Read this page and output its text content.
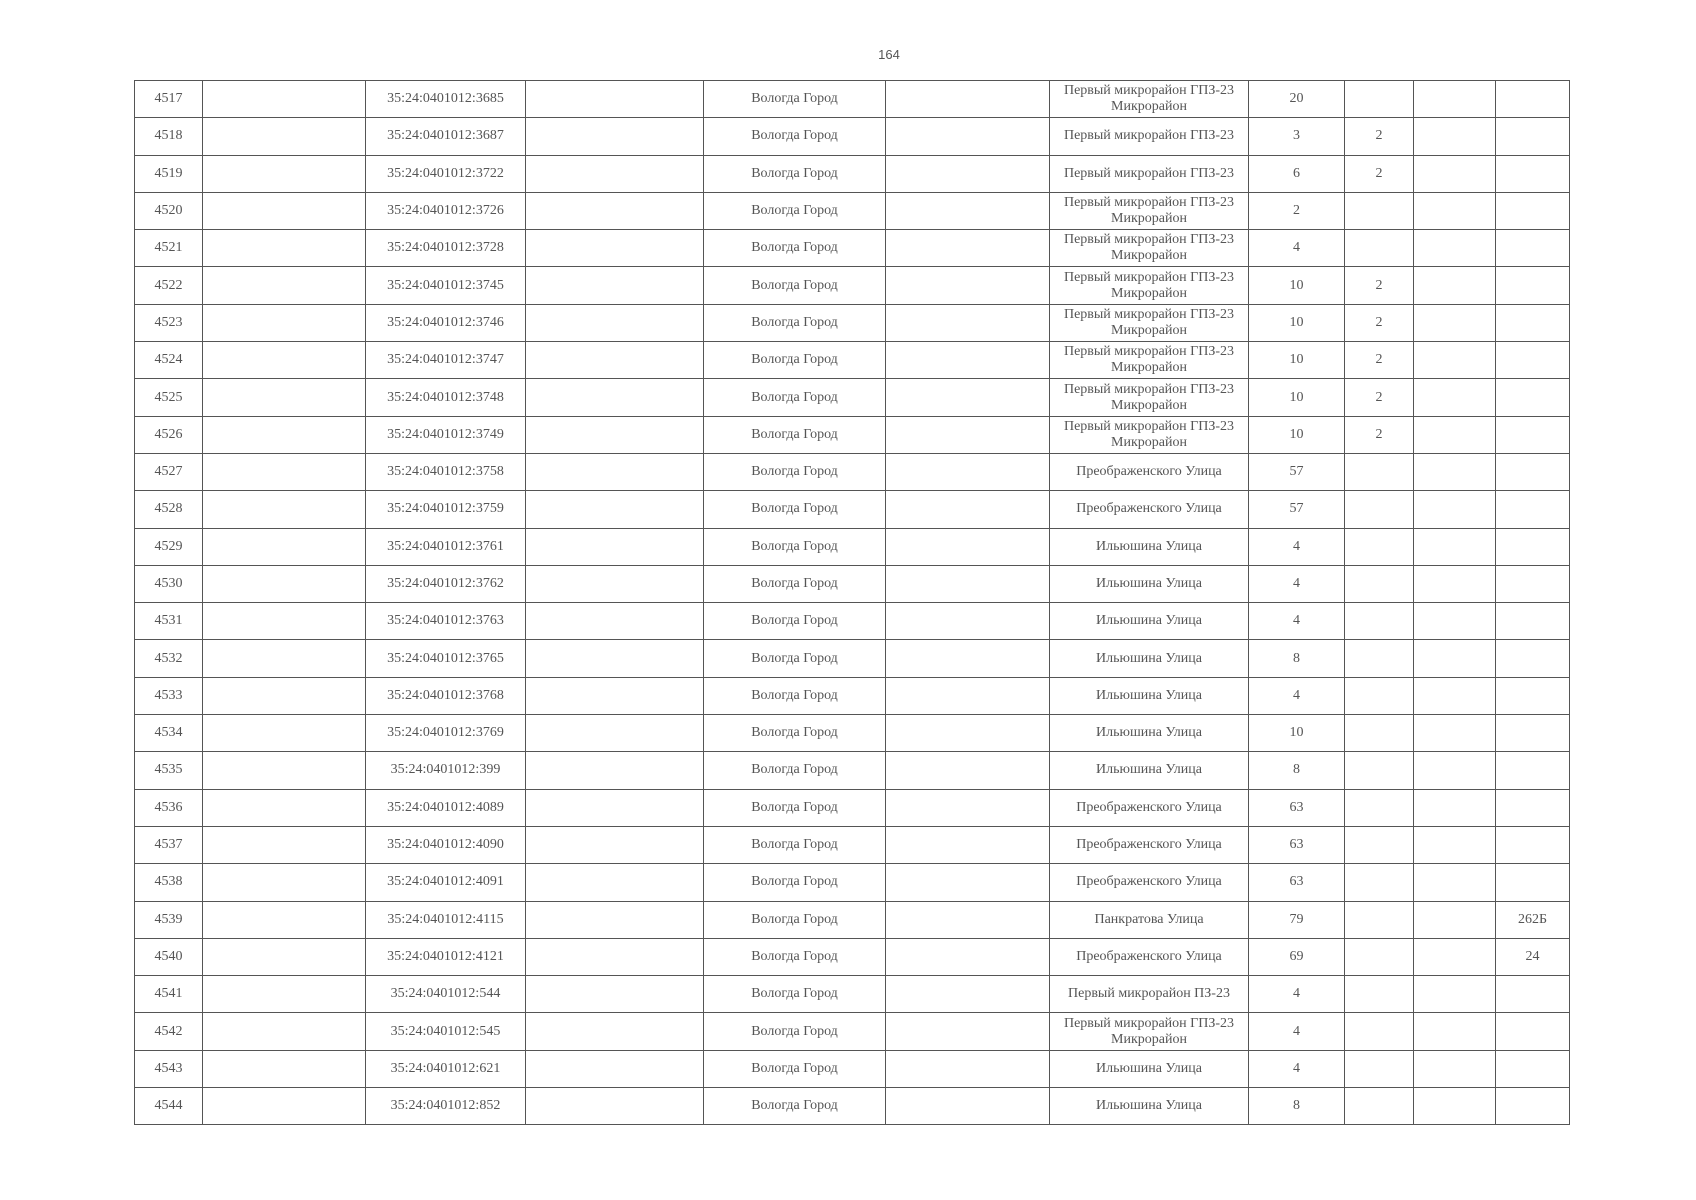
164
4517		35:24:0401012:3685		Вологда Город		Первый микрорайон ГПЗ-23 Микрорайон	20			
4518		35:24:0401012:3687		Вологда Город		Первый микрорайон ГПЗ-23	3	2		
4519		35:24:0401012:3722		Вологда Город		Первый микрорайон ГПЗ-23	6	2		
4520		35:24:0401012:3726		Вологда Город		Первый микрорайон ГПЗ-23 Микрорайон	2			
4521		35:24:0401012:3728		Вологда Город		Первый микрорайон ГПЗ-23 Микрорайон	4			
4522		35:24:0401012:3745		Вологда Город		Первый микрорайон ГПЗ-23 Микрорайон	10	2		
4523		35:24:0401012:3746		Вологда Город		Первый микрорайон ГПЗ-23 Микрорайон	10	2		
4524		35:24:0401012:3747		Вологда Город		Первый микрорайон ГПЗ-23 Микрорайон	10	2		
4525		35:24:0401012:3748		Вологда Город		Первый микрорайон ГПЗ-23 Микрорайон	10	2		
4526		35:24:0401012:3749		Вологда Город		Первый микрорайон ГПЗ-23 Микрорайон	10	2		
4527		35:24:0401012:3758		Вологда Город		Преображенского Улица	57			
4528		35:24:0401012:3759		Вологда Город		Преображенского Улица	57			
4529		35:24:0401012:3761		Вологда Город		Ильюшина Улица	4			
4530		35:24:0401012:3762		Вологда Город		Ильюшина Улица	4			
4531		35:24:0401012:3763		Вологда Город		Ильюшина Улица	4			
4532		35:24:0401012:3765		Вологда Город		Ильюшина Улица	8			
4533		35:24:0401012:3768		Вологда Город		Ильюшина Улица	4			
4534		35:24:0401012:3769		Вологда Город		Ильюшина Улица	10			
4535		35:24:0401012:399		Вологда Город		Ильюшина Улица	8			
4536		35:24:0401012:4089		Вологда Город		Преображенского Улица	63			
4537		35:24:0401012:4090		Вологда Город		Преображенского Улица	63			
4538		35:24:0401012:4091		Вологда Город		Преображенского Улица	63			
4539		35:24:0401012:4115		Вологда Город		Панкратова Улица	79			262Б
4540		35:24:0401012:4121		Вологда Город		Преображенского Улица	69			24
4541		35:24:0401012:544		Вологда Город		Первый микрорайон ПЗ-23	4			
4542		35:24:0401012:545		Вологда Город		Первый микрорайон ГПЗ-23 Микрорайон	4			
4543		35:24:0401012:621		Вологда Город		Ильюшина Улица	4			
4544		35:24:0401012:852		Вологда Город		Ильюшина Улица	8			
